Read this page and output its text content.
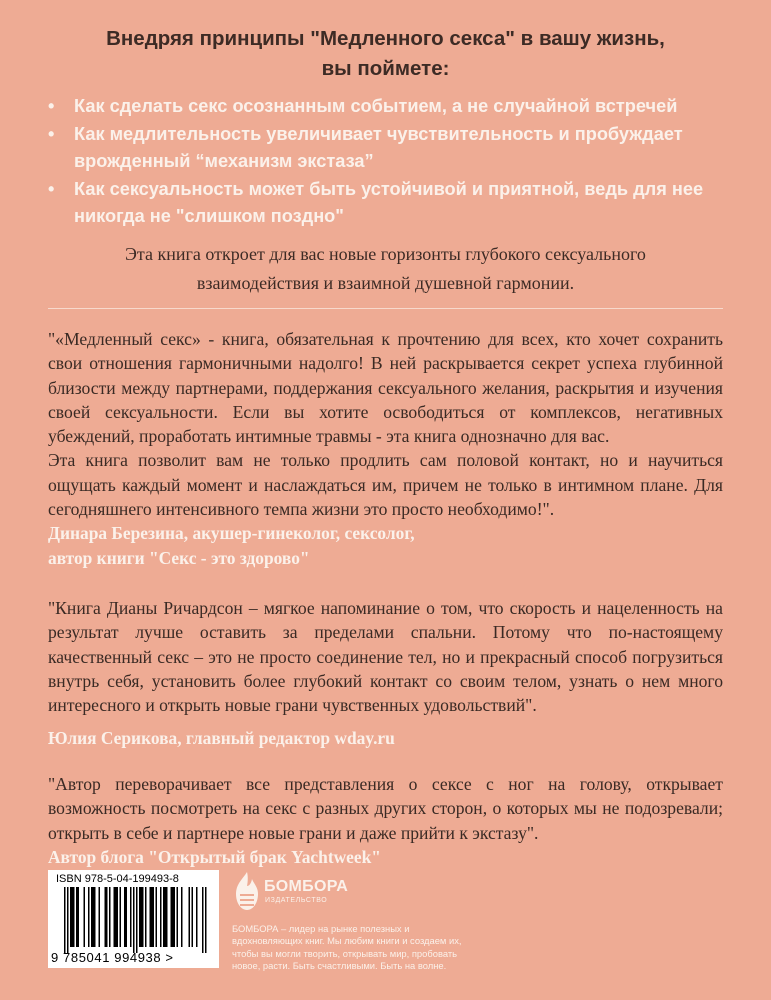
Внедряя принципы "Медленного секса" в вашу жизнь,
вы поймете:
• Как сделать секс осознанным событием, а не случайной встречей
• Как медлительность увеличивает чувствительность и пробуждает врожденный “механизм экстаза”
• Как сексуальность может быть устойчивой и приятной, ведь для нее никогда не "слишком поздно"
Эта книга откроет для вас новые горизонты глубокого сексуального
взаимодействия и взаимной душевной гармонии.

"«Медленный секс» - книга, обязательная к прочтению для всех, кто хочет сохранить свои отношения гармоничными надолго! В ней раскрывается секрет успеха глубинной близости между партнерами, поддержания сексуального желания, раскрытия и изучения своей сексуальности. Если вы хотите освободиться от комплексов, негативных убеждений, проработать интимные травмы - эта книга однозначно для вас.

Эта книга позволит вам не только продлить сам половой контакт, но и научиться ощущать каждый момент и наслаждаться им, причем не только в интимном плане. Для сегодняшнего интенсивного темпа жизни это просто необходимо!".

Динара Березина, акушер-гинеколог, сексолог,

автор книги "Секс - это здорово"

"Книга Дианы Ричардсон – мягкое напоминание о том, что скорость и нацеленность на результат лучше оставить за пределами спальни. Потому что по-настоящему качественный секс – это не просто соединение тел, но и прекрасный способ погрузиться внутрь себя, установить более глубокий контакт со своим телом, узнать о нем много интересного и открыть новые грани чувственных удовольствий".

Юлия Серикова, главный редактор wday.ru

"Автор переворачивает все представления о сексе с ног на голову, открывает возможность посмотреть на секс с разных других сторон, о которых мы не подозревали; открыть в себе и партнере новые грани и даже прийти к экстазу".

Автор блога "Открытый брак Yachtweek"

ISBN 978-5-04-199493-8
9 785041 994938 >
БОМБОРА
ИЗДАТЕЛЬСТВО
БОМБОРА – лидер на рынке полезных и вдохновляющих книг. Мы любим книги и создаем их, чтобы вы могли творить, открывать мир, пробовать новое, расти. Быть счастливыми. Быть на волне.
